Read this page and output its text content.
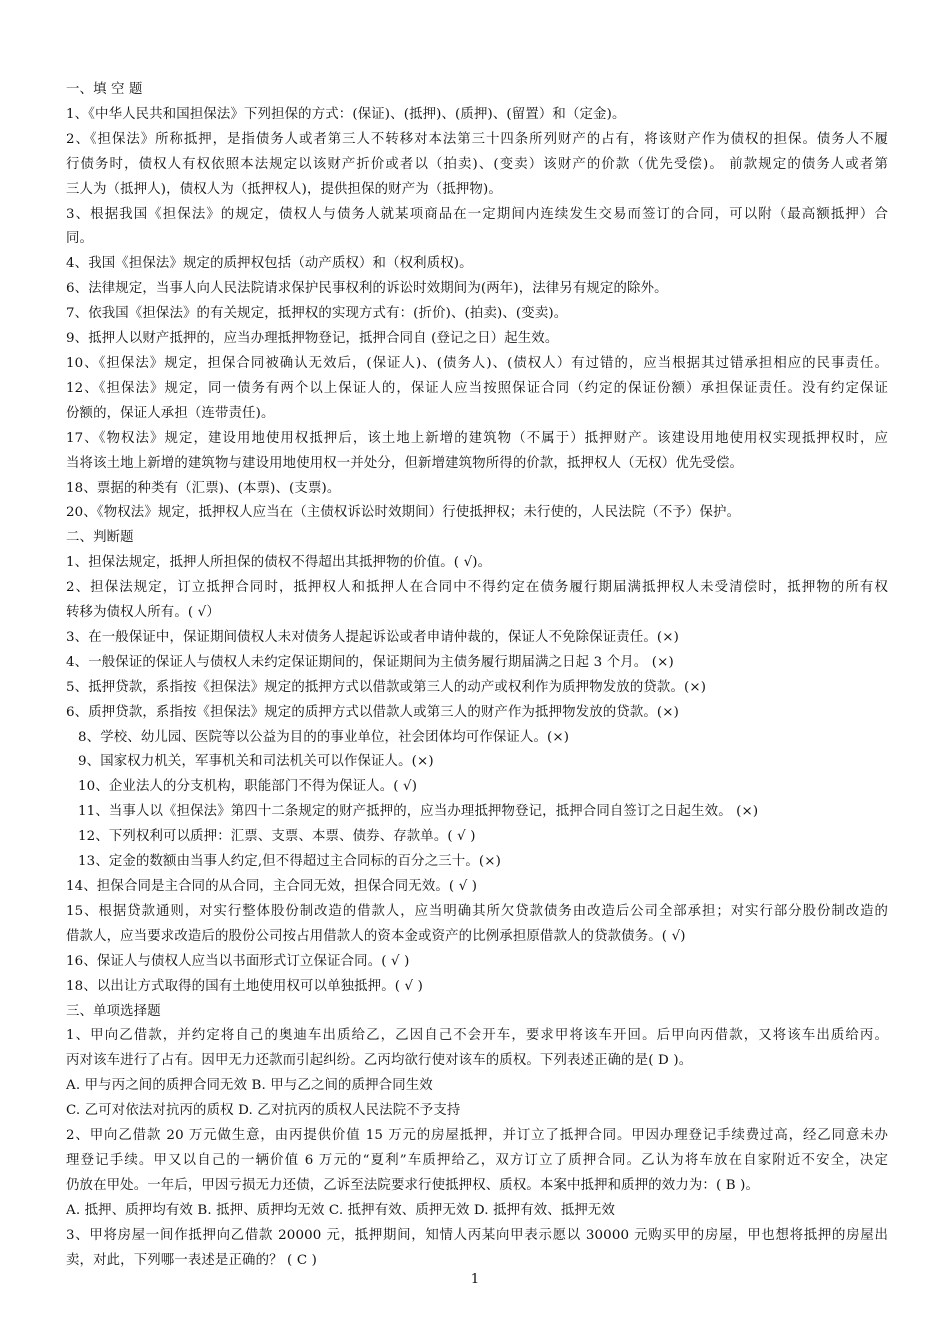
一、填 空 题
1、《中华人民共和国担保法》下列担保的方式：(保证)、(抵押)、(质押)、(留置）和（定金)。
2、《担保法》所称抵押，是指债务人或者第三人不转移对本法第三十四条所列财产的占有，将该财产作为债权的担保。债务人不履
行债务时，债权人有权依照本法规定以该财产折价或者以（拍卖)、(变卖）该财产的价款（优先受偿)。 前款规定的债务人或者第
三人为（抵押人)，债权人为（抵押权人)，提供担保的财产为（抵押物)。
3、根据我国《担保法》的规定，债权人与债务人就某项商品在一定期间内连续发生交易而签订的合同，可以附（最高额抵押）合
同。
4、我国《担保法》规定的质押权包括（动产质权）和（权利质权)。
6、法律规定，当事人向人民法院请求保护民事权利的诉讼时效期间为(两年)，法律另有规定的除外。
7、依我国《担保法》的有关规定，抵押权的实现方式有：(折价)、(拍卖)、(变卖)。
9、抵押人以财产抵押的，应当办理抵押物登记，抵押合同自 (登记之日）起生效。
10、《担保法》规定，担保合同被确认无效后，(保证人)、(债务人)、(债权人）有过错的，应当根据其过错承担相应的民事责任。
12、《担保法》规定，同一债务有两个以上保证人的，保证人应当按照保证合同（约定的保证份额）承担保证责任。没有约定保证
份额的，保证人承担（连带责任)。
17、《物权法》规定，建设用地使用权抵押后，该土地上新增的建筑物（不属于）抵押财产。该建设用地使用权实现抵押权时，应
当将该土地上新增的建筑物与建设用地使用权一并处分，但新增建筑物所得的价款，抵押权人（无权）优先受偿。
18、票据的种类有（汇票)、(本票)、(支票)。
20、《物权法》规定，抵押权人应当在（主债权诉讼时效期间）行使抵押权；未行使的，人民法院（不予）保护。
二、判断题
1、担保法规定，抵押人所担保的债权不得超出其抵押物的价值。( √)。
2、担保法规定，订立抵押合同时，抵押权人和抵押人在合同中不得约定在债务履行期届满抵押权人未受清偿时，抵押物的所有权
转移为债权人所有。( √）
3、在一般保证中，保证期间债权人未对债务人提起诉讼或者申请仲裁的，保证人不免除保证责任。(×)
4、一般保证的保证人与债权人未约定保证期间的，保证期间为主债务履行期届满之日起 3 个月。 (×)
5、抵押贷款，系指按《担保法》规定的抵押方式以借款或第三人的动产或权利作为质押物发放的贷款。(×)
6、质押贷款，系指按《担保法》规定的质押方式以借款人或第三人的财产作为抵押物发放的贷款。(×)
8、学校、幼儿园、医院等以公益为目的的事业单位，社会团体均可作保证人。(×)
9、国家权力机关，军事机关和司法机关可以作保证人。(×)
10、企业法人的分支机构，职能部门不得为保证人。( √)
11、当事人以《担保法》第四十二条规定的财产抵押的，应当办理抵押物登记，抵押合同自签订之日起生效。 (×)
12、下列权利可以质押：汇票、支票、本票、债券、存款单。( √ )
13、定金的数额由当事人约定,但不得超过主合同标的百分之三十。(×)
14、担保合同是主合同的从合同，主合同无效，担保合同无效。( √ )
15、根据贷款通则，对实行整体股份制改造的借款人，应当明确其所欠贷款债务由改造后公司全部承担；对实行部分股份制改造的
借款人，应当要求改造后的股份公司按占用借款人的资本金或资产的比例承担原借款人的贷款债务。( √)
16、保证人与债权人应当以书面形式订立保证合同。( √ )
18、以出让方式取得的国有土地使用权可以单独抵押。( √ )
三、单项选择题
1、甲向乙借款，并约定将自己的奥迪车出质给乙，乙因自己不会开车，要求甲将该车开回。后甲向丙借款，又将该车出质给丙。
丙对该车进行了占有。因甲无力还款而引起纠纷。乙丙均欲行使对该车的质权。下列表述正确的是( D )。
A. 甲与丙之间的质押合同无效 B. 甲与乙之间的质押合同生效
C. 乙可对依法对抗丙的质权 D. 乙对抗丙的质权人民法院不予支持
2、甲向乙借款 20 万元做生意，由丙提供价值 15 万元的房屋抵押，并订立了抵押合同。甲因办理登记手续费过高，经乙同意未办
理登记手续。甲又以自己的一辆价值 6 万元的“夏利”车质押给乙，双方订立了质押合同。乙认为将车放在自家附近不安全，决定
仍放在甲处。一年后，甲因亏损无力还债，乙诉至法院要求行使抵押权、质权。本案中抵押和质押的效力为：( B )。
A. 抵押、质押均有效 B. 抵押、质押均无效 C. 抵押有效、质押无效 D. 抵押有效、抵押无效
3、甲将房屋一间作抵押向乙借款 20000 元，抵押期间，知情人丙某向甲表示愿以 30000 元购买甲的房屋，甲也想将抵押的房屋出
卖，对此，下列哪一表述是正确的？ ( C )
1
